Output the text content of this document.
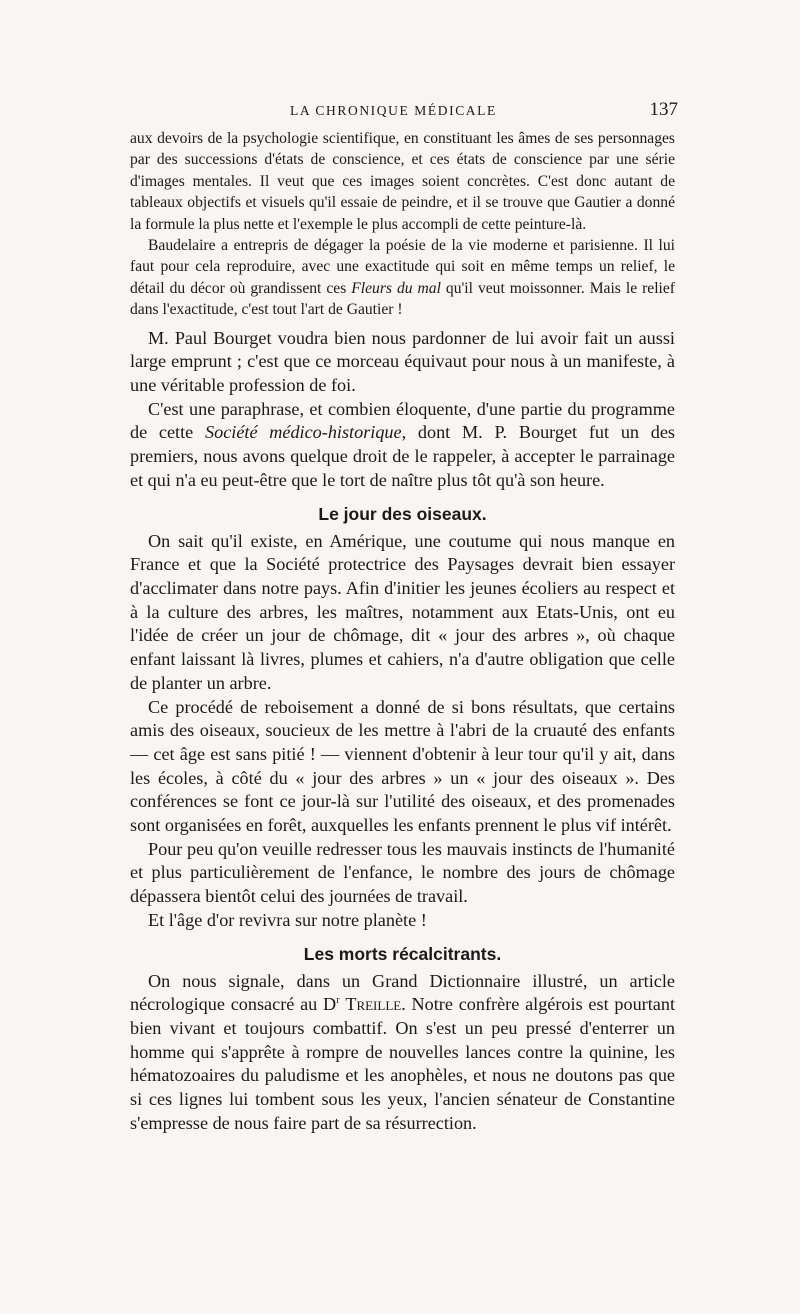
LA CHRONIQUE MÉDICALE	137

aux devoirs de la psychologie scientifique, en constituant les âmes de ses personnages par des successions d'états de conscience, et ces états de conscience par une série d'images mentales. Il veut que ces images soient concrètes. C'est donc autant de tableaux objectifs et visuels qu'il essaie de peindre, et il se trouve que Gautier a donné la formule la plus nette et l'exemple le plus accompli de cette peinture-là.

Baudelaire a entrepris de dégager la poésie de la vie moderne et parisienne. Il lui faut pour cela reproduire, avec une exactitude qui soit en même temps un relief, le détail du décor où grandissent ces Fleurs du mal qu'il veut moissonner. Mais le relief dans l'exactitude, c'est tout l'art de Gautier !

M. Paul Bourget voudra bien nous pardonner de lui avoir fait un aussi large emprunt ; c'est que ce morceau équivaut pour nous à un manifeste, à une véritable profession de foi.

C'est une paraphrase, et combien éloquente, d'une partie du programme de cette Société médico-historique, dont M. P. Bourget fut un des premiers, nous avons quelque droit de le rappeler, à accepter le parrainage et qui n'a eu peut-être que le tort de naître plus tôt qu'à son heure.

Le jour des oiseaux.

On sait qu'il existe, en Amérique, une coutume qui nous manque en France et que la Société protectrice des Paysages devrait bien essayer d'acclimater dans notre pays. Afin d'initier les jeunes écoliers au respect et à la culture des arbres, les maîtres, notamment aux Etats-Unis, ont eu l'idée de créer un jour de chômage, dit « jour des arbres », où chaque enfant laissant là livres, plumes et cahiers, n'a d'autre obligation que celle de planter un arbre.

Ce procédé de reboisement a donné de si bons résultats, que certains amis des oiseaux, soucieux de les mettre à l'abri de la cruauté des enfants — cet âge est sans pitié ! — viennent d'obtenir à leur tour qu'il y ait, dans les écoles, à côté du « jour des arbres » un « jour des oiseaux ». Des conférences se font ce jour-là sur l'utilité des oiseaux, et des promenades sont organisées en forêt, auxquelles les enfants prennent le plus vif intérêt.

Pour peu qu'on veuille redresser tous les mauvais instincts de l'humanité et plus particulièrement de l'enfance, le nombre des jours de chômage dépassera bientôt celui des journées de travail.

Et l'âge d'or revivra sur notre planète !

Les morts récalcitrants.

On nous signale, dans un Grand Dictionnaire illustré, un article nécrologique consacré au $D^r$ Treille. Notre confrère algérois est pourtant bien vivant et toujours combattif. On s'est un peu pressé d'enterrer un homme qui s'apprête à rompre de nouvelles lances contre la quinine, les hématozoaires du paludisme et les anophèles, et nous ne doutons pas que si ces lignes lui tombent sous les yeux, l'ancien sénateur de Constantine s'empresse de nous faire part de sa résurrection.
